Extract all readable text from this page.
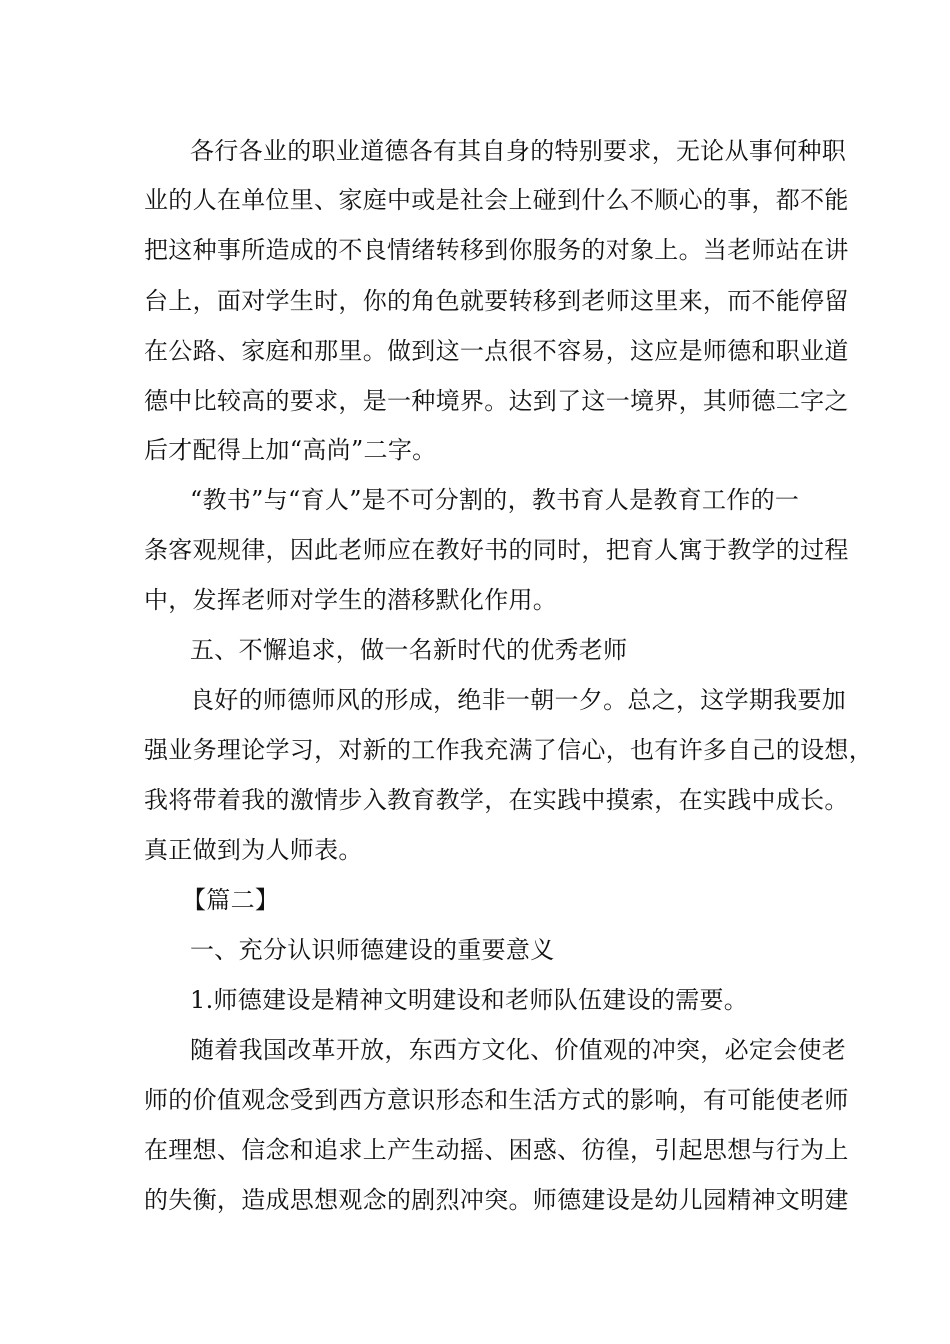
各行各业的职业道德各有其自身的特别要求，无论从事何种职
业的人在单位里、家庭中或是社会上碰到什么不顺心的事，都不能
把这种事所造成的不良情绪转移到你服务的对象上。当老师站在讲
台上，面对学生时，你的角色就要转移到老师这里来，而不能停留
在公路、家庭和那里。做到这一点很不容易，这应是师德和职业道
德中比较高的要求，是一种境界。达到了这一境界，其师德二字之
后才配得上加“高尚”二字。
“教书”与“育人”是不可分割的，教书育人是教育工作的一
条客观规律，因此老师应在教好书的同时，把育人寓于教学的过程
中，发挥老师对学生的潜移默化作用。
五、不懈追求，做一名新时代的优秀老师
良好的师德师风的形成，绝非一朝一夕。总之，这学期我要加
强业务理论学习，对新的工作我充满了信心，也有许多自己的设想，
我将带着我的激情步入教育教学，在实践中摸索，在实践中成长。
真正做到为人师表。
【篇二】
一、充分认识师德建设的重要意义
1.师德建设是精神文明建设和老师队伍建设的需要。
随着我国改革开放，东西方文化、价值观的冲突，必定会使老
师的价值观念受到西方意识形态和生活方式的影响，有可能使老师
在理想、信念和追求上产生动摇、困惑、彷徨，引起思想与行为上
的失衡，造成思想观念的剧烈冲突。师德建设是幼儿园精神文明建
